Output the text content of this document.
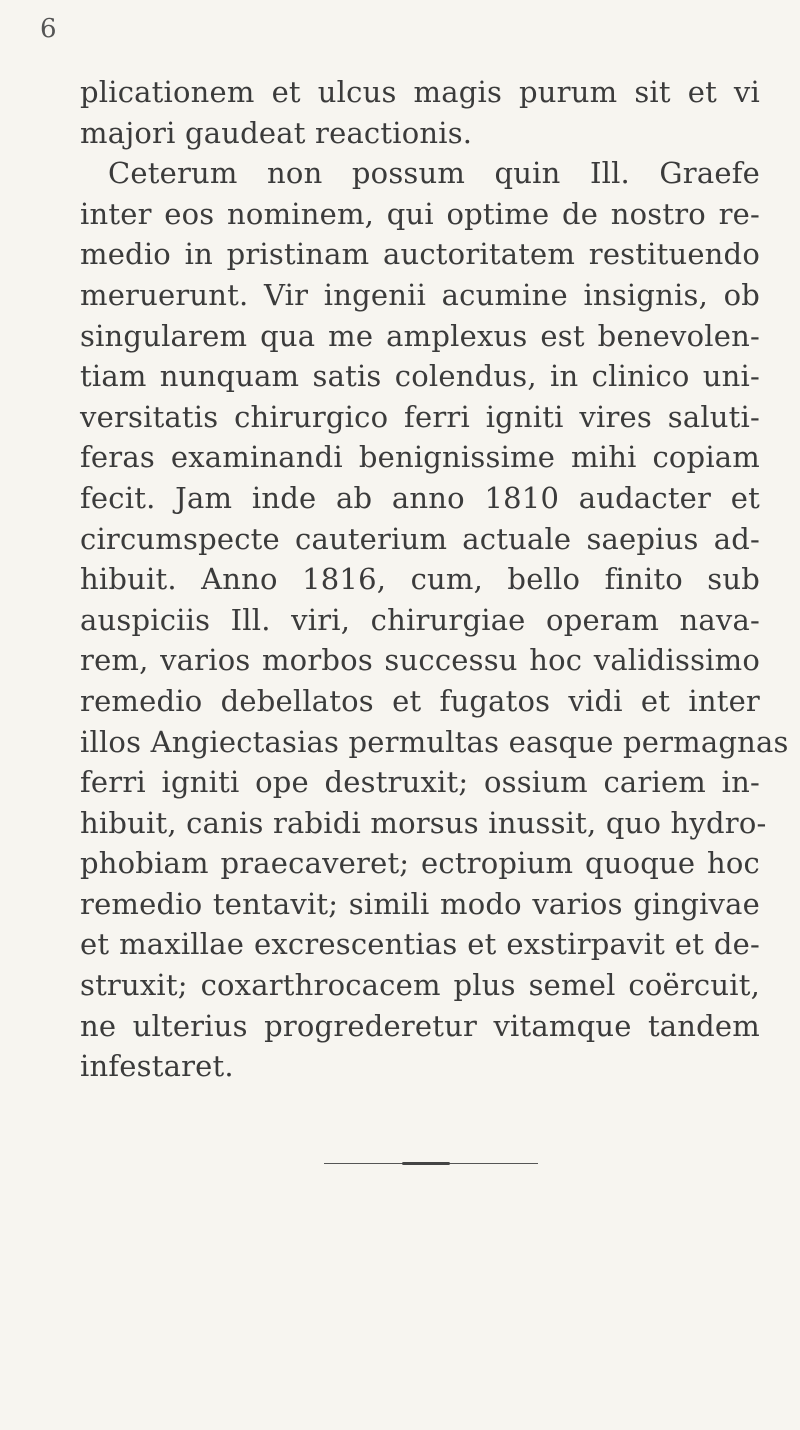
6
plicationem et ulcus magis purum sit et vi
majori gaudeat reactionis.
Ceterum non possum quin Ill. Graefe
inter eos nominem, qui optime de nostro re-
medio in pristinam auctoritatem restituendo
meruerunt. Vir ingenii acumine insignis, ob
singularem qua me amplexus est benevolen-
tiam nunquam satis colendus, in clinico uni-
versitatis chirurgico ferri igniti vires saluti-
feras examinandi benignissime mihi copiam
fecit. Jam inde ab anno 1810 audacter et
circumspecte cauterium actuale saepius ad-
hibuit. Anno 1816, cum, bello finito sub
auspiciis Ill. viri, chirurgiae operam nava-
rem, varios morbos successu hoc validissimo
remedio debellatos et fugatos vidi et inter
illos Angiectasias permultas easque permagnas
ferri igniti ope destruxit; ossium cariem in-
hibuit, canis rabidi morsus inussit, quo hydro-
phobiam praecaveret; ectropium quoque hoc
remedio tentavit; simili modo varios gingivae
et maxillae excrescentias et exstirpavit et de-
struxit; coxarthrocacem plus semel coërcuit,
ne ulterius progrederetur vitamque tandem
infestaret.
